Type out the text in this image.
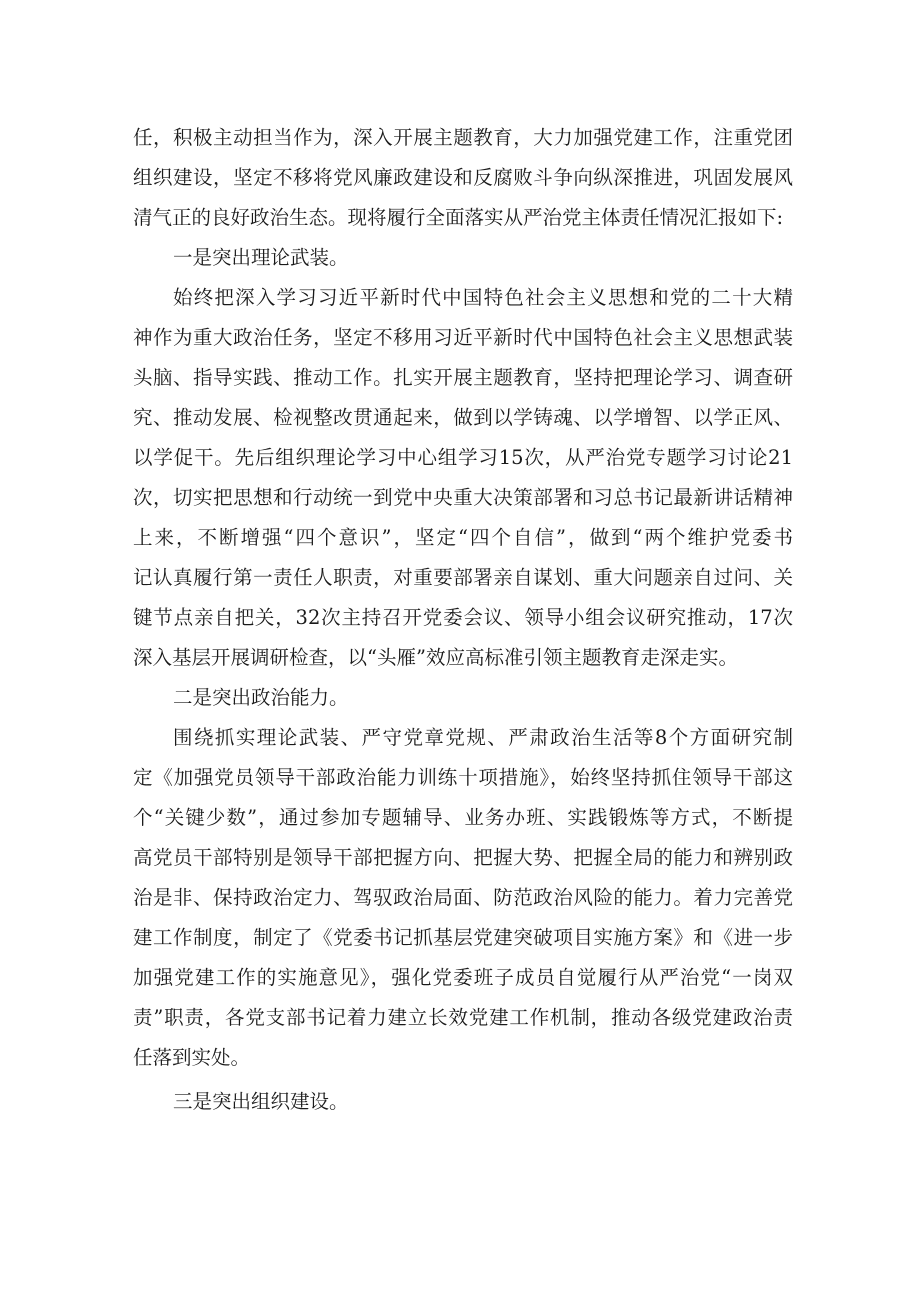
任，积极主动担当作为，深入开展主题教育，大力加强党建工作，注重党团
组织建设，坚定不移将党风廉政建设和反腐败斗争向纵深推进，巩固发展风
清气正的良好政治生态。现将履行全面落实从严治党主体责任情况汇报如下:
一是突出理论武装。
始终把深入学习习近平新时代中国特色社会主义思想和党的二十大精
神作为重大政治任务，坚定不移用习近平新时代中国特色社会主义思想武装
头脑、指导实践、推动工作。扎实开展主题教育，坚持把理论学习、调查研
究、推动发展、检视整改贯通起来，做到以学铸魂、以学增智、以学正风、
以学促干。先后组织理论学习中心组学习15次，从严治党专题学习讨论21
次，切实把思想和行动统一到党中央重大决策部署和习总书记最新讲话精神
上来，不断增强“四个意识”，坚定“四个自信”，做到“两个维护党委书
记认真履行第一责任人职责，对重要部署亲自谋划、重大问题亲自过问、关
键节点亲自把关，32次主持召开党委会议、领导小组会议研究推动，17次
深入基层开展调研检查，以“头雁”效应高标准引领主题教育走深走实。
二是突出政治能力。
围绕抓实理论武装、严守党章党规、严肃政治生活等8个方面研究制
定《加强党员领导干部政治能力训练十项措施》，始终坚持抓住领导干部这
个“关键少数”，通过参加专题辅导、业务办班、实践锻炼等方式，不断提
高党员干部特别是领导干部把握方向、把握大势、把握全局的能力和辨别政
治是非、保持政治定力、驾驭政治局面、防范政治风险的能力。着力完善党
建工作制度，制定了《党委书记抓基层党建突破项目实施方案》和《进一步
加强党建工作的实施意见》，强化党委班子成员自觉履行从严治党“一岗双
责”职责，各党支部书记着力建立长效党建工作机制，推动各级党建政治责
任落到实处。
三是突出组织建设。
